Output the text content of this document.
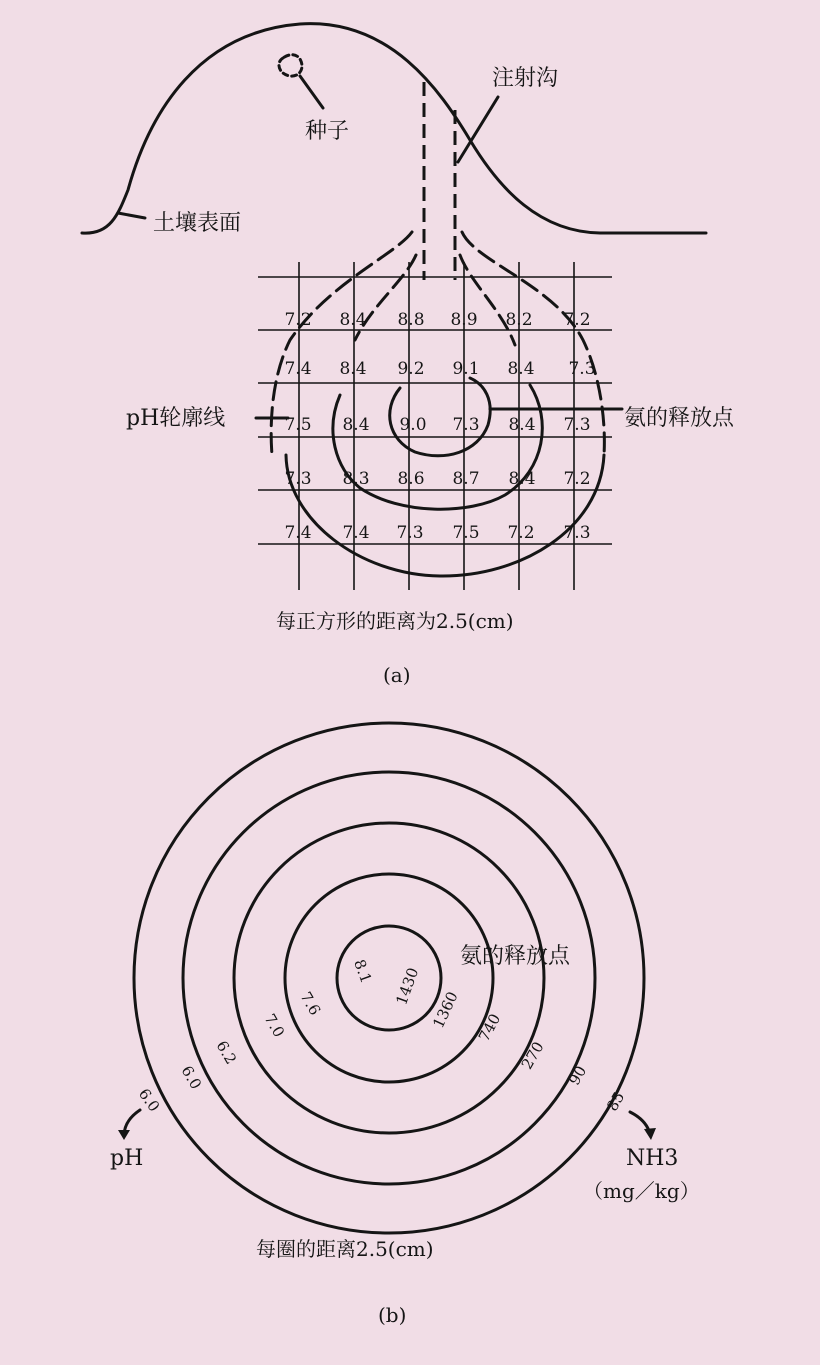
种子
注射沟
土壤表面
7.2 8.4 8.8 8.9 8.2 7.2
7.4 8.4 9.2 9.1 8.4 7.3
7.5 8.4 9.0 7.3 8.4 7.3
7.3 8.3 8.6 8.7 8.4 7.2
7.4 7.4 7.3 7.5 7.2 7.3
pH轮廓线	氨的释放点
每正方形的距离为2.5(cm)
(a)
氨的释放点
8.1
7.6
7.0
6.2
6.0
6.0
1430
1360 740
270
90
85
pH	NH3
（mg／kg）
每圈的距离2.5(cm)
(b)
